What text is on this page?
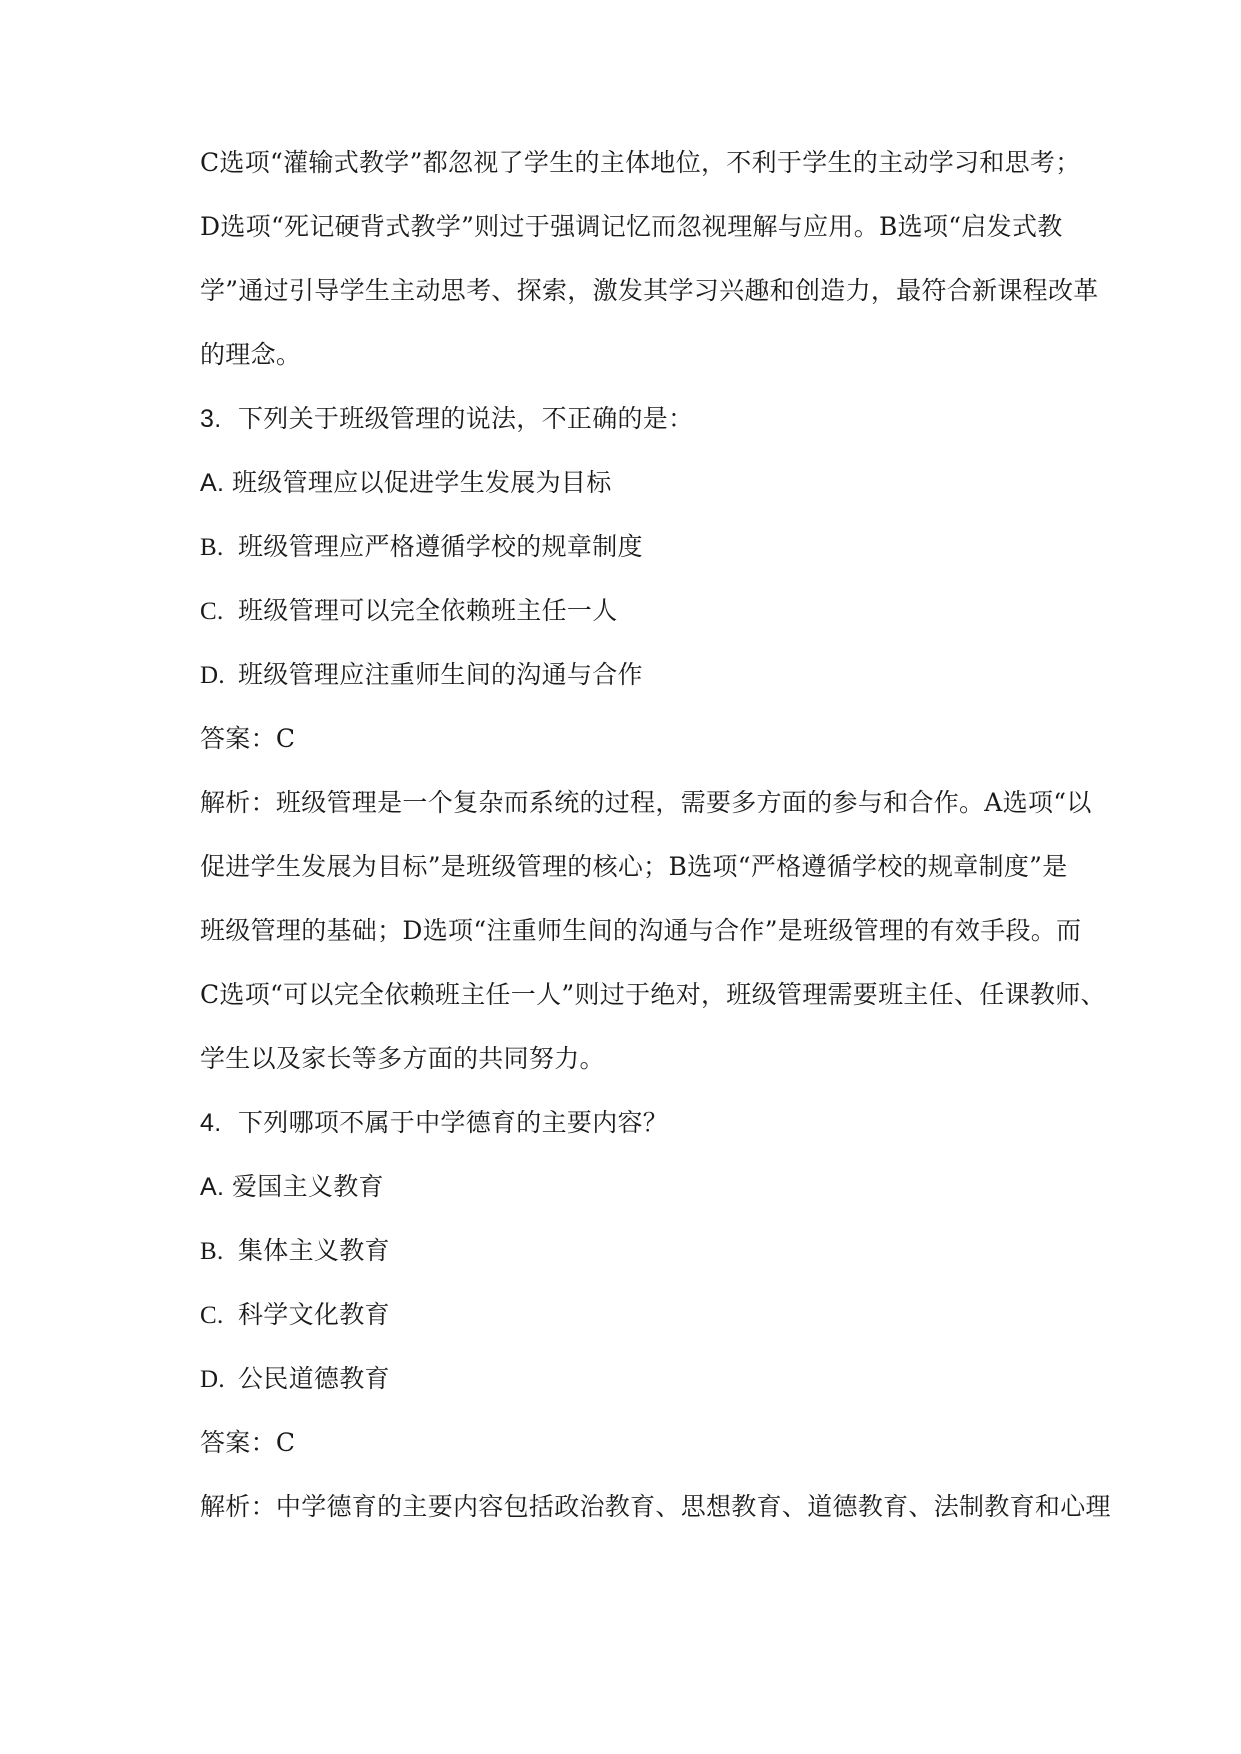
C选项“灌输式教学”都忽视了学生的主体地位，不利于学生的主动学习和思考；
D选项“死记硬背式教学”则过于强调记忆而忽视理解与应用。B选项“启发式教
学”通过引导学生主动思考、探索，激发其学习兴趣和创造力，最符合新课程改革
的理念。
3. 下列关于班级管理的说法，不正确的是：
A. 班级管理应以促进学生发展为目标
B. 班级管理应严格遵循学校的规章制度
C. 班级管理可以完全依赖班主任一人
D. 班级管理应注重师生间的沟通与合作
答案：C
解析：班级管理是一个复杂而系统的过程，需要多方面的参与和合作。A选项“以
促进学生发展为目标”是班级管理的核心；B选项“严格遵循学校的规章制度”是
班级管理的基础；D选项“注重师生间的沟通与合作”是班级管理的有效手段。而
C选项“可以完全依赖班主任一人”则过于绝对，班级管理需要班主任、任课教师、
学生以及家长等多方面的共同努力。
4. 下列哪项不属于中学德育的主要内容？
A. 爱国主义教育
B. 集体主义教育
C. 科学文化教育
D. 公民道德教育
答案：C
解析：中学德育的主要内容包括政治教育、思想教育、道德教育、法制教育和心理
